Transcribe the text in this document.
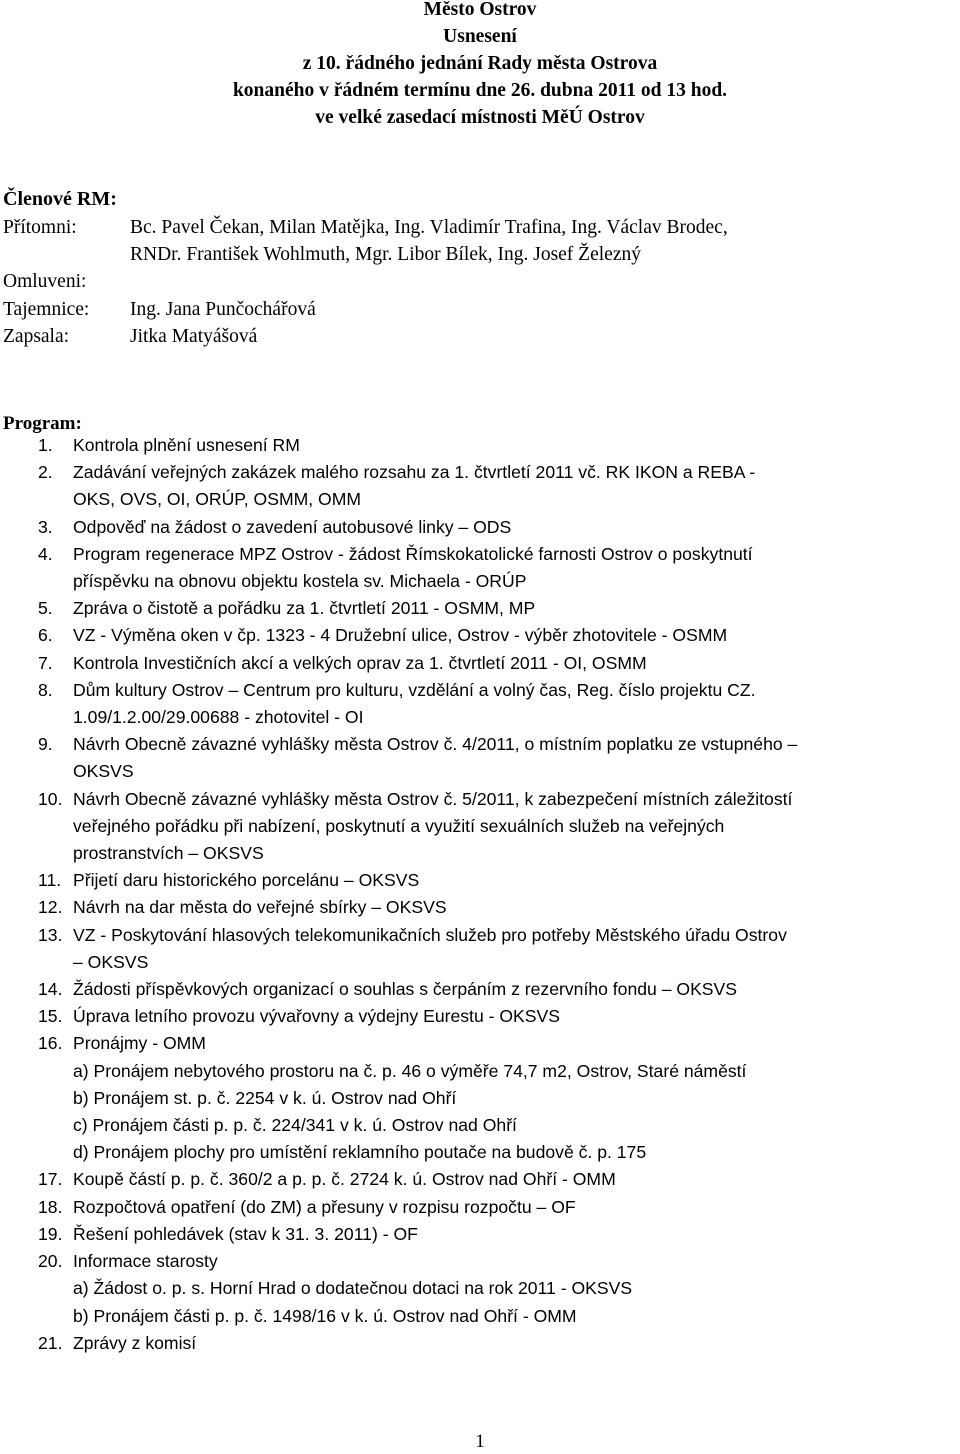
Město Ostrov
Usnesení
z 10. řádného jednání Rady města Ostrova
konaného v řádném termínu dne 26. dubna 2011 od 13 hod.
ve velké zasedací místnosti MěÚ Ostrov
Členové RM:
Přítomni:	Bc. Pavel Čekan, Milan Matějka, Ing. Vladimír Trafina, Ing. Václav Brodec,
RNDr. František Wohlmuth, Mgr. Libor Bílek, Ing. Josef Železný
Omluveni:

Tajemnice:	Ing. Jana Punčochářová
Zapsala:	Jitka Matyášová
Program:
1.	Kontrola plnění usnesení RM
2.	Zadávání veřejných zakázek malého rozsahu za 1. čtvrtletí 2011 vč. RK IKON a REBA -
OKS, OVS, OI, ORÚP, OSMM, OMM
3.	Odpověď na žádost o zavedení autobusové linky – ODS
4.	Program regenerace MPZ Ostrov - žádost Římskokatolické farnosti Ostrov o poskytnutí
příspěvku na obnovu objektu kostela sv. Michaela - ORÚP
5.	Zpráva o čistotě a pořádku za 1. čtvrtletí 2011 - OSMM, MP
6.	VZ - Výměna oken v čp. 1323 - 4 Družební ulice, Ostrov - výběr zhotovitele - OSMM
7.	Kontrola Investičních akcí a velkých oprav za 1. čtvrtletí 2011 - OI, OSMM
8.	Dům kultury Ostrov – Centrum pro kulturu, vzdělání a volný čas, Reg. číslo projektu CZ.
1.09/1.2.00/29.00688 - zhotovitel - OI
9.	Návrh Obecně závazné vyhlášky města Ostrov č. 4/2011, o místním poplatku ze vstupného –
OKSVS
10. Návrh Obecně závazné vyhlášky města Ostrov č. 5/2011, k zabezpečení místních záležitostí
veřejného pořádku při nabízení, poskytnutí a využití sexuálních služeb na veřejných
prostranstvích – OKSVS
11. Přijetí daru historického porcelánu – OKSVS
12. Návrh na dar města do veřejné sbírky – OKSVS
13. VZ - Poskytování hlasových telekomunikačních služeb pro potřeby Městského úřadu Ostrov
– OKSVS
14. Žádosti příspěvkových organizací o souhlas s čerpáním z rezervního fondu – OKSVS
15. Úprava letního provozu vývařovny a výdejny Eurestu - OKSVS
16. Pronájmy - OMM
a) Pronájem nebytového prostoru na č. p. 46 o výměře 74,7 m2, Ostrov, Staré náměstí
b) Pronájem st. p. č. 2254 v k. ú. Ostrov nad Ohří
c) Pronájem části p. p. č. 224/341 v k. ú. Ostrov nad Ohří
d) Pronájem plochy pro umístění reklamního poutače na budově č. p. 175
17. Koupě částí p. p. č. 360/2 a p. p. č. 2724 k. ú. Ostrov nad Ohří - OMM
18. Rozpočtová opatření (do ZM) a přesuny v rozpisu rozpočtu – OF
19. Řešení pohledávek (stav k 31. 3. 2011) - OF
20. Informace starosty
a) Žádost o. p. s. Horní Hrad o dodatečnou dotaci na rok 2011 - OKSVS
b) Pronájem části p. p. č. 1498/16 v k. ú. Ostrov nad Ohří - OMM
21. Zprávy z komisí
1
